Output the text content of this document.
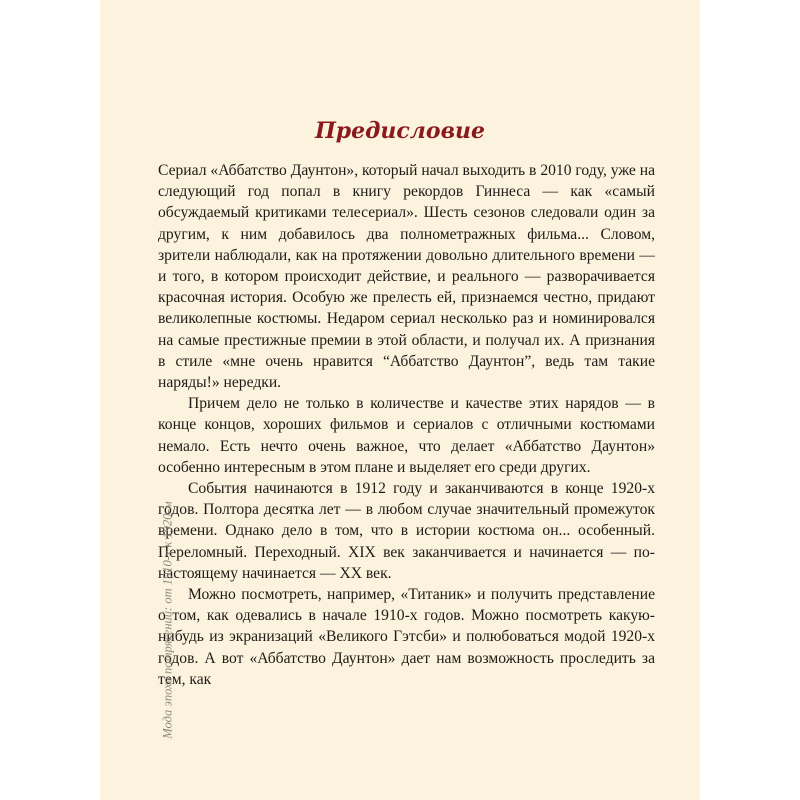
Предисловие

Сериал «Аббатство Даунтон», который начал выходить в 2010 году, уже на следующий год попал в книгу рекордов Гиннеса — как «самый обсуждаемый критиками телесериал». Шесть сезонов следовали один за другим, к ним добавилось два полнометражных фильма... Словом, зрители наблюдали, как на протяжении довольно длительного времени — и того, в котором происходит действие, и реального — разворачивается красочная история. Особую же прелесть ей, признаемся честно, придают великолепные костюмы. Недаром сериал несколько раз и номинировался на самые престижные премии в этой области, и получал их. А признания в стиле «мне очень нравится “Аббатство Даунтон”, ведь там такие наряды!» нередки.

Причем дело не только в количестве и качестве этих нарядов — в конце концов, хороших фильмов и сериалов с отличными костюмами немало. Есть нечто очень важное, что делает «Аббатство Даунтон» особенно интересным в этом плане и выделяет его среди других.

События начинаются в 1912 году и заканчиваются в конце 1920-х годов. Полтора десятка лет — в любом случае значительный промежуток времени. Однако дело в том, что в истории костюма он... особенный. Переломный. Переходный. XIX век заканчивается и начинается — по-настоящему начинается — XX век.

Можно посмотреть, например, «Титаник» и получить представление о том, как одевались в начале 1910-х годов. Можно посмотреть какую-нибудь из экранизаций «Великого Гэтсби» и полюбоваться модой 1920-х годов. А вот «Аббатство Даунтон» дает нам возможность проследить за тем, как

Мода эпохи потрясений: от 1910-х к 1920-м
